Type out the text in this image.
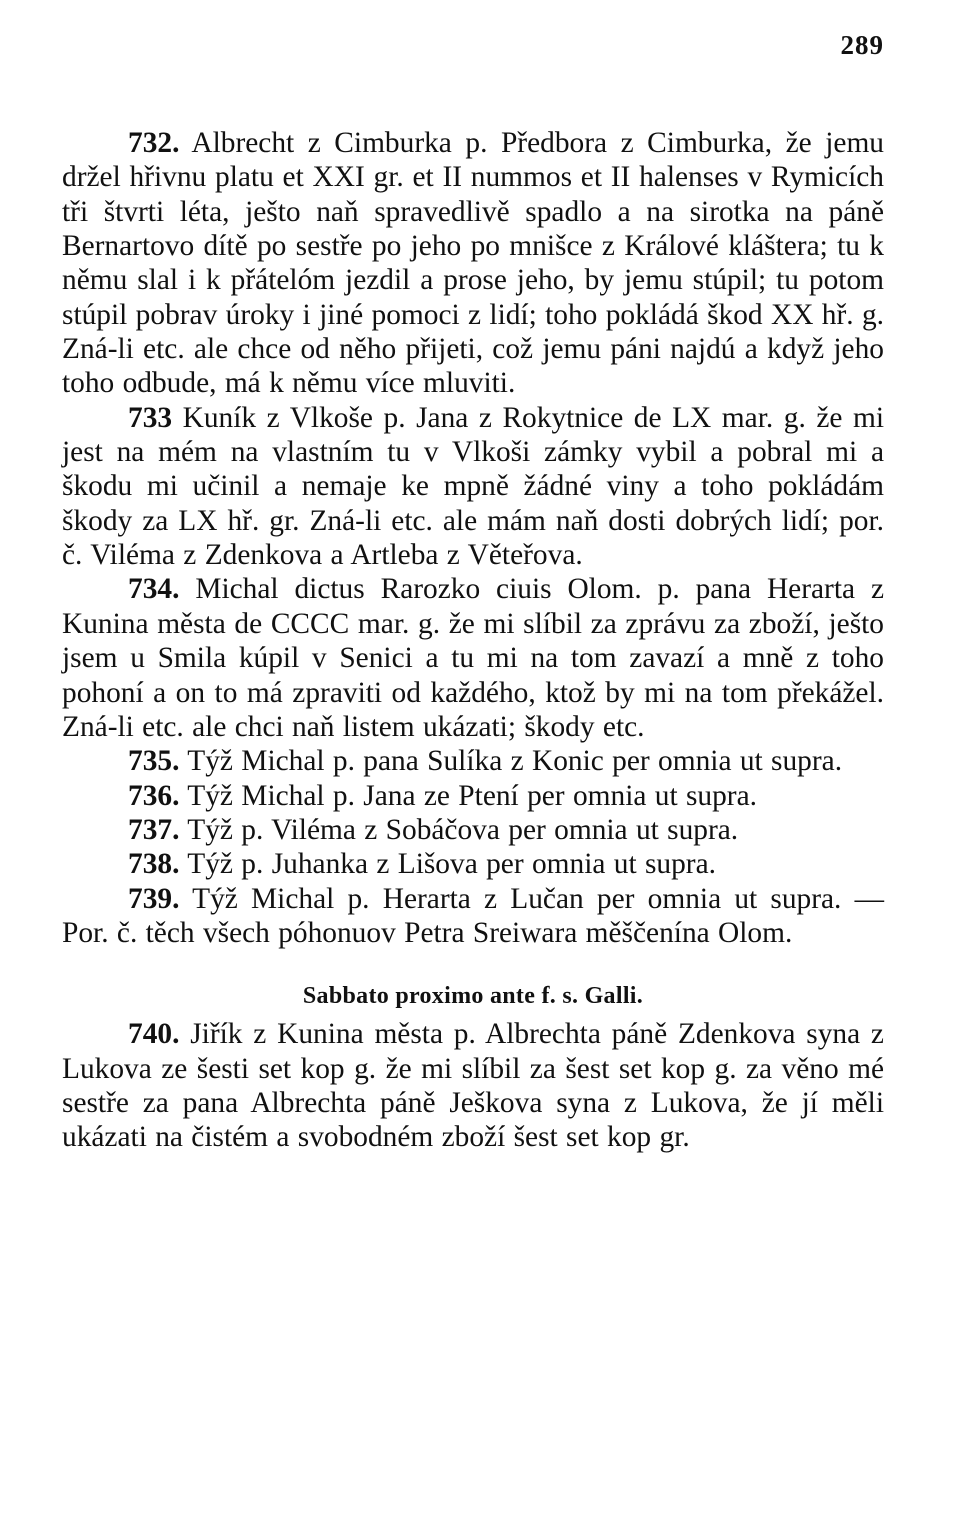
289

732. Albrecht z Cimburka p. Předbora z Cimburka, že jemu držel hřivnu platu et XXI gr. et II nummos et II halenses v Rymicích tři štvrti léta, ješto naň spravedlivě spadlo a na sirotka na páně Bernartovo dítě po sestře po jeho po mnišce z Králové kláštera; tu k němu slal i k přátelóm jezdil a prose jeho, by jemu stúpil; tu potom stúpil pobrav úroky i jiné pomoci z lidí; toho pokládá škod XX hř. g. Zná-li etc. ale chce od něho přijeti, což jemu páni najdú a když jeho toho odbude, má k němu více mluviti.

733 Kuník z Vlkoše p. Jana z Rokytnice de LX mar. g. že mi jest na mém na vlastním tu v Vlkoši zámky vybil a pobral mi a škodu mi učinil a nemaje ke mpně žádné viny a toho pokládám škody za LX hř. gr. Zná-li etc. ale mám naň dosti dobrých lidí; por. č. Viléma z Zdenkova a Artleba z Věteřova.

734. Michal dictus Rarozko ciuis Olom. p. pana Herarta z Kunina města de CCCC mar. g. že mi slíbil za zprávu za zboží, ješto jsem u Smila kúpil v Senici a tu mi na tom zavazí a mně z toho pohoní a on to má zpraviti od každého, ktož by mi na tom překážel. Zná-li etc. ale chci naň listem ukázati; škody etc.

735. Týž Michal p. pana Sulíka z Konic per omnia ut supra.

736. Týž Michal p. Jana ze Ptení per omnia ut supra.

737. Týž p. Viléma z Sobáčova per omnia ut supra.

738. Týž p. Juhanka z Lišova per omnia ut supra.

739. Týž Michal p. Herarta z Lučan per omnia ut supra. — Por. č. těch všech póhonuov Petra Sreiwara měščenína Olom.

Sabbato proximo ante f. s. Galli.

740. Jiřík z Kunina města p. Albrechta páně Zdenkova syna z Lukova ze šesti set kop g. že mi slíbil za šest set kop g. za věno mé sestře za pana Albrechta páně Ješkova syna z Lukova, že jí měli ukázati na čistém a svobodném zboží šest set kop gr.
